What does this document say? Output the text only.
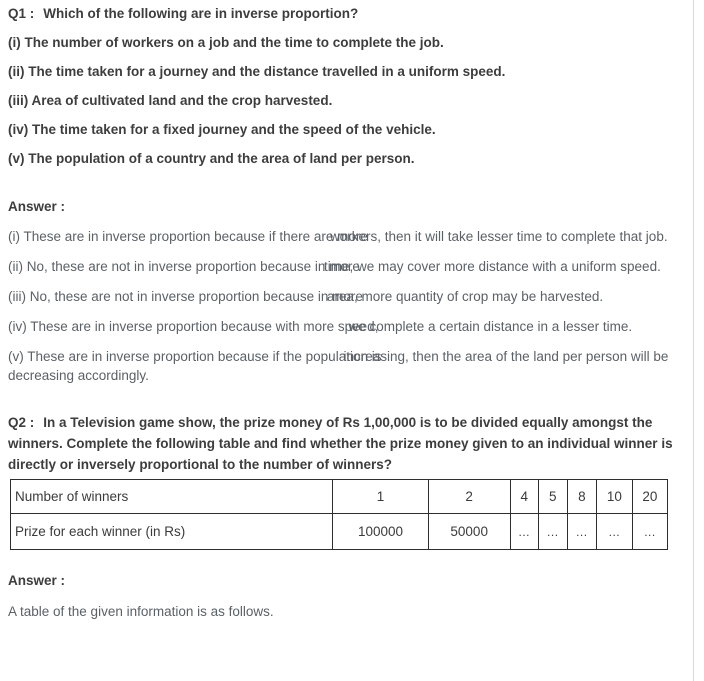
Q1 : Which of the following are in inverse proportion?

(i) The number of workers on a job and the time to complete the job.

(ii) The time taken for a journey and the distance travelled in a uniform speed.

(iii) Area of cultivated land and the crop harvested.

(iv) The time taken for a fixed journey and the speed of the vehicle.

(v) The population of a country and the area of land per person.

Answer :

(i) These are in inverse proportion because if there are moreworkers, then it will take lesser time to complete that job.

(ii) No, these are not in inverse proportion because in moretime, we may cover more distance with a uniform speed.

(iii) No, these are not in inverse proportion because in morearea, more quantity of crop may be harvested.

(iv) These are in inverse proportion because with more speed,we complete a certain distance in a lesser time.

(v) These are in inverse proportion because if the population isincreasing, then the area of the land per person will be decreasing accordingly.

Q2 : In a Television game show, the prize money of Rs 1,00,000 is to be divided equally amongst the winners. Complete the following table and find whether the prize money given to an individual winner is directly or inversely proportional to the number of winners?

Number of winners	1	2	4	5	8	10	20
Prize for each winner (in Rs)	100000	50000	...	...	...	...	...

Answer :

A table of the given information is as follows.
